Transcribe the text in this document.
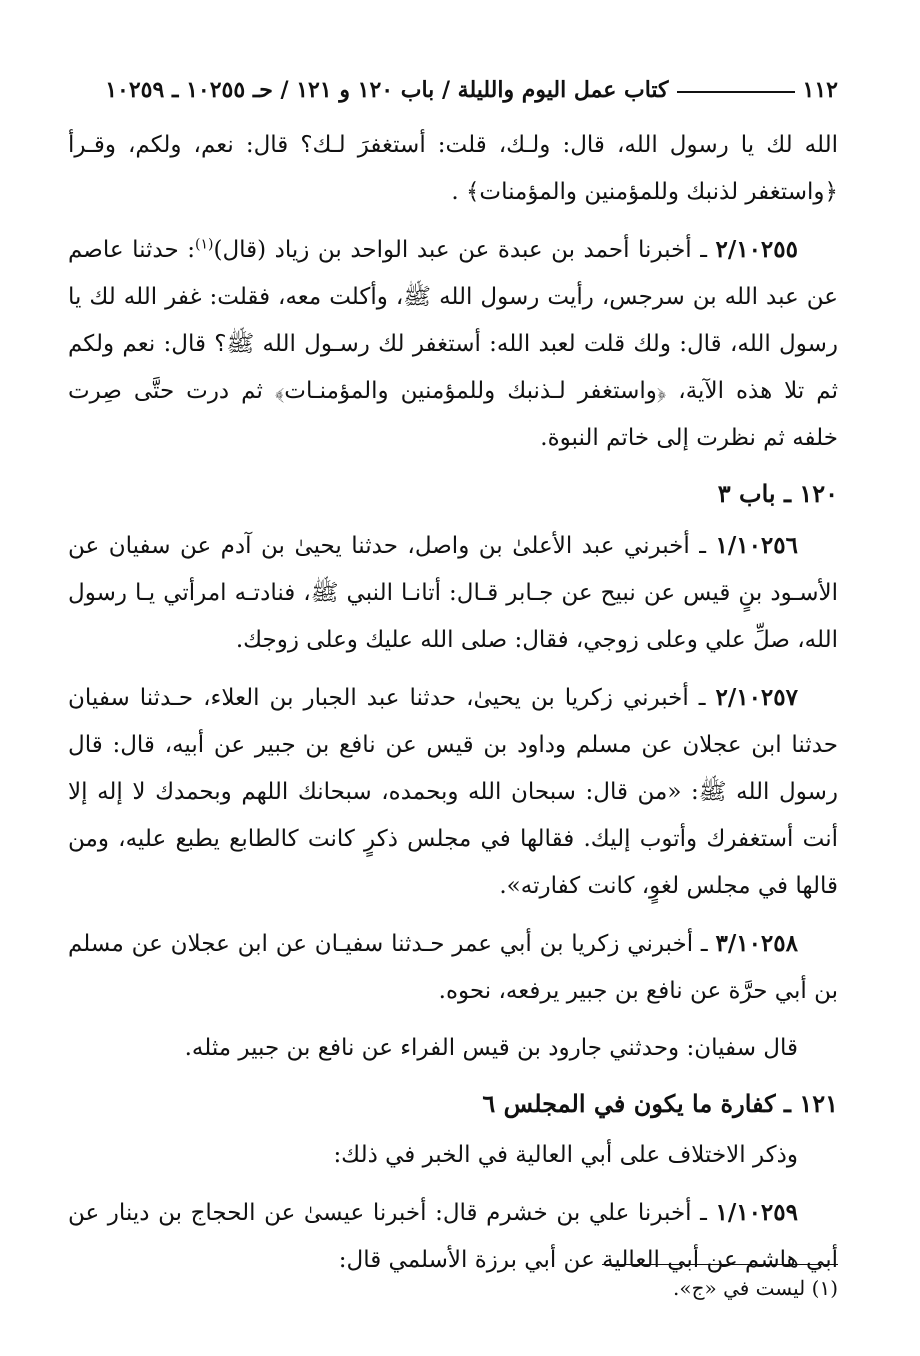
١١٢
كتاب عمل اليوم والليلة / باب ١٢٠ و ١٢١ / حـ ١٠٢٥٥ ـ ١٠٢٥٩

الله لك يا رسول الله، قال: ولـك، قلت: أستغفرَ لـك؟ قال: نعم، ولكم، وقـرأ ﴿واستغفر لذنبك وللمؤمنين والمؤمنات﴾ .

٢/١٠٢٥٥ ـ أخبرنا أحمد بن عبدة عن عبد الواحد بن زياد (قال)$^{(١)}$: حدثنا عاصم عن عبد الله بن سرجس، رأيت رسول الله ﷺ، وأكلت معه، فقلت: غفر الله لك يا رسول الله، قال: ولك قلت لعبد الله: أستغفر لك رسـول الله ﷺ؟ قال: نعم ولكم ثم تلا هذه الآية، ﴿واستغفر لـذنبك وللمؤمنين والمؤمنـات﴾ ثم درت حتَّى صِرت خلفه ثم نظرت إلى خاتم النبوة.

١٢٠ ـ باب ٣

١/١٠٢٥٦ ـ أخبرني عبد الأعلىٰ بن واصل، حدثنا يحيىٰ بن آدم عن سفيان عن الأسـود بنٍ قيس عن نبيح عن جـابر قـال: أتانـا النبي ﷺ، فنادتـه امرأتي يـا رسول الله، صلِّ علي وعلى زوجي، فقال: صلى الله عليك وعلى زوجك.

٢/١٠٢٥٧ ـ أخبرني زكريا بن يحيىٰ، حدثنا عبد الجبار بن العلاء، حـدثنا سفيان حدثنا ابن عجلان عن مسلم وداود بن قيس عن نافع بن جبير عن أبيه، قال: قال رسول الله ﷺ: «من قال: سبحان الله وبحمده، سبحانك اللهم وبحمدك لا إله إلا أنت أستغفرك وأتوب إليك. فقالها في مجلس ذكرٍ كانت كالطابع يطبع عليه، ومن قالها في مجلس لغوٍ، كانت كفارته».

٣/١٠٢٥٨ ـ أخبرني زكريا بن أبي عمر حـدثنا سفيـان عن ابن عجلان عن مسلم بن أبي حرَّة عن نافع بن جبير يرفعه، نحوه.

قال سفيان: وحدثني جارود بن قيس الفراء عن نافع بن جبير مثله.

١٢١ ـ كفارة ما يكون في المجلس ٦

وذكر الاختلاف على أبي العالية في الخبر في ذلك:

١/١٠٢٥٩ ـ أخبرنا علي بن خشرم قال: أخبرنا عيسىٰ عن الحجاج بن دينار عن أبي هاشم عن أبي العالية عن أبي برزة الأسلمي قال:

(١) ليست في «ج».
